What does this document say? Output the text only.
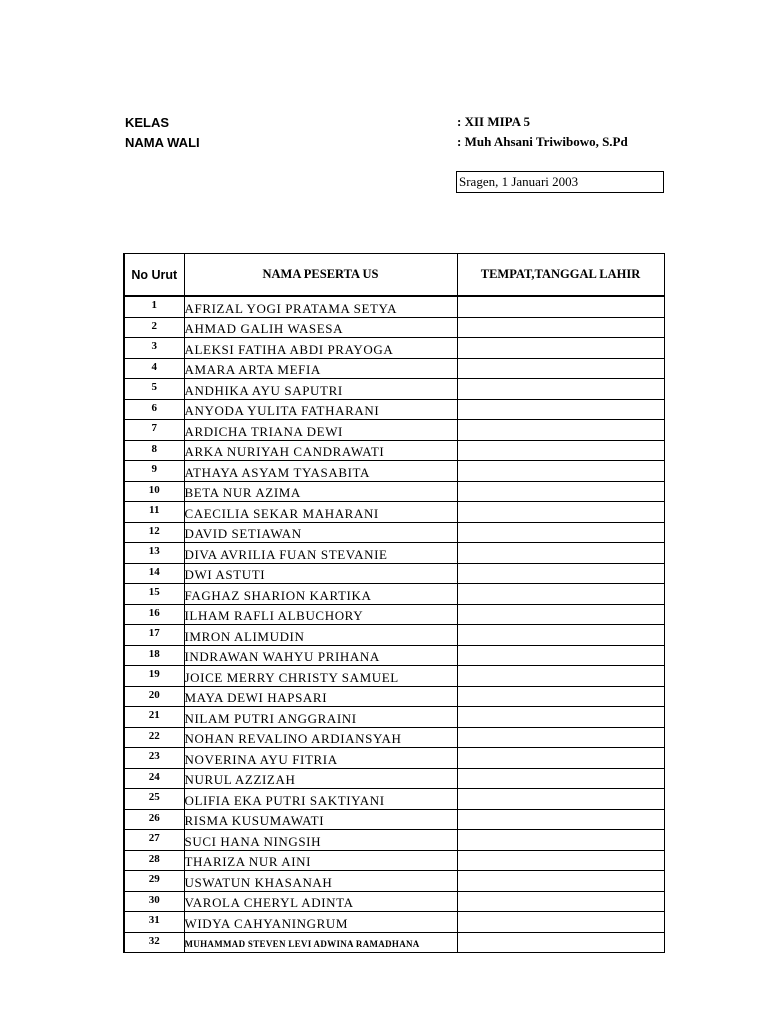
KELAS	: XII MIPA 5
NAMA WALI	: Muh Ahsani Triwibowo, S.Pd
Sragen, 1 Januari 2003
No Urut	NAMA PESERTA US	TEMPAT,TANGGAL LAHIR
1	AFRIZAL YOGI PRATAMA SETYA	
2	AHMAD GALIH WASESA	
3	ALEKSI FATIHA ABDI PRAYOGA	
4	AMARA ARTA MEFIA	
5	ANDHIKA AYU SAPUTRI	
6	ANYODA YULITA FATHARANI	
7	ARDICHA TRIANA DEWI	
8	ARKA NURIYAH CANDRAWATI	
9	ATHAYA ASYAM TYASABITA	
10	BETA NUR AZIMA	
11	CAECILIA SEKAR MAHARANI	
12	DAVID SETIAWAN	
13	DIVA AVRILIA FUAN STEVANIE	
14	DWI ASTUTI	
15	FAGHAZ SHARION KARTIKA	
16	ILHAM RAFLI ALBUCHORY	
17	IMRON ALIMUDIN	
18	INDRAWAN WAHYU PRIHANA	
19	JOICE MERRY CHRISTY SAMUEL	
20	MAYA DEWI HAPSARI	
21	NILAM PUTRI ANGGRAINI	
22	NOHAN REVALINO ARDIANSYAH	
23	NOVERINA AYU FITRIA	
24	NURUL AZZIZAH	
25	OLIFIA EKA PUTRI SAKTIYANI	
26	RISMA KUSUMAWATI	
27	SUCI HANA NINGSIH	
28	THARIZA NUR AINI	
29	USWATUN KHASANAH	
30	VAROLA CHERYL ADINTA	
31	WIDYA CAHYANINGRUM	
32	MUHAMMAD STEVEN LEVI ADWINA RAMADHANA	
